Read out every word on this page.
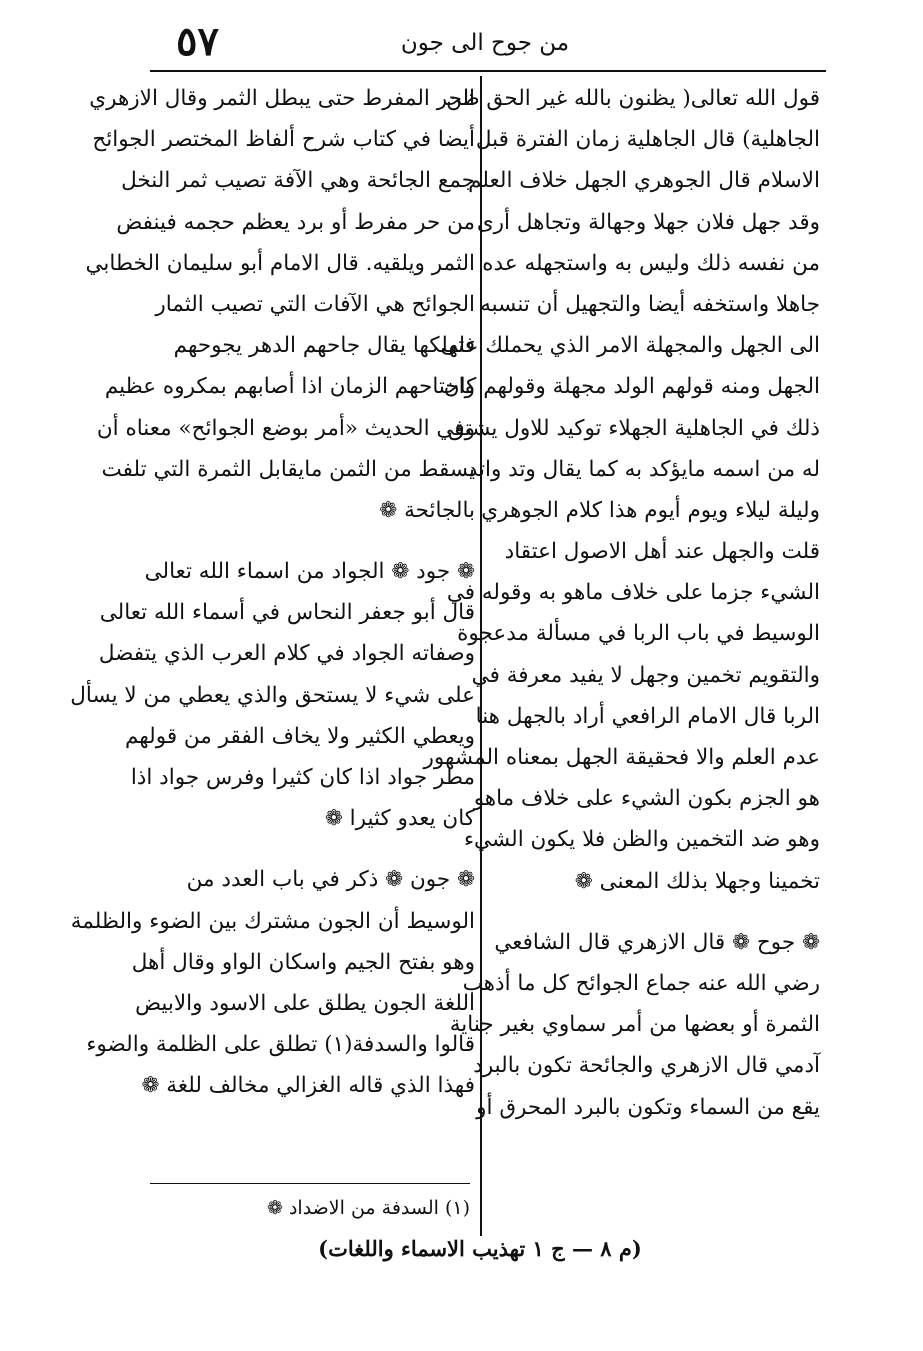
٥٧	من جوح الى جون
قول الله تعالى( يظنون بالله غير الحق ظن
الجاهلية) قال الجاهلية زمان الفترة قبل
الاسلام قال الجوهري الجهل خلاف العلم
وقد جهل فلان جهلا وجهالة وتجاهل أرى
من نفسه ذلك وليس به واستجهله عده
جاهلا واستخفه أيضا والتجهيل أن تنسبه
الى الجهل والمجهلة الامر الذي يحملك على
الجهل ومنه قولهم الولد مجهلة وقولهم كان
ذلك في الجاهلية الجهلاء توكيد للاول يشتق
له من اسمه مايؤكد به كما يقال وتد واتد
وليلة ليلاء ويوم أيوم هذا كلام الجوهري
قلت والجهل عند أهل الاصول اعتقاد
الشيء جزما على خلاف ماهو به وقوله في
الوسيط في باب الربا في مسألة مدعجوة
والتقويم تخمين وجهل لا يفيد معرفة في
الربا قال الامام الرافعي أراد بالجهل هنا
عدم العلم والا فحقيقة الجهل بمعناه المشهور
هو الجزم بكون الشيء على خلاف ماهو
وهو ضد التخمين والظن فلا يكون الشيء
تخمينا وجهلا بذلك المعنى ❁
❁ جوح ❁ قال الازهري قال الشافعي
رضي الله عنه جماع الجوائح كل ما أذهب
الثمرة أو بعضها من أمر سماوي بغير جناية
آدمي قال الازهري والجائحة تكون بالبرد
يقع من السماء وتكون بالبرد المحرق أو
الحر المفرط حتى يبطل الثمر وقال الازهري
أيضا في كتاب شرح ألفاظ المختصر الجوائح
جمع الجائحة وهي الآفة تصيب ثمر النخل
من حر مفرط أو برد يعظم حجمه فينفض
الثمر ويلقيه. قال الامام أبو سليمان الخطابي
الجوائح هي الآفات التي تصيب الثمار
فتهلكها يقال جاحهم الدهر يجوحهم
واجتاحهم الزمان اذا أصابهم بمكروه عظيم
وفي الحديث «أمر بوضع الجوائح» معناه أن
يسقط من الثمن مايقابل الثمرة التي تلفت
بالجائحة ❁
❁ جود ❁ الجواد من اسماء الله تعالى
قال أبو جعفر النحاس في أسماء الله تعالى
وصفاته الجواد في كلام العرب الذي يتفضل
على شيء لا يستحق والذي يعطي من لا يسأل
ويعطي الكثير ولا يخاف الفقر من قولهم
مطر جواد اذا كان كثيرا وفرس جواد اذا
كان يعدو كثيرا ❁
❁ جون ❁ ذكر في باب العدد من
الوسيط أن الجون مشترك بين الضوء والظلمة
وهو بفتح الجيم واسكان الواو وقال أهل
اللغة الجون يطلق على الاسود والابيض
قالوا والسدفة(١) تطلق على الظلمة والضوء
فهذا الذي قاله الغزالي مخالف للغة ❁
(١) السدفة من الاضداد ❁
(م ٨ — ج ١ تهذيب الاسماء واللغات)
